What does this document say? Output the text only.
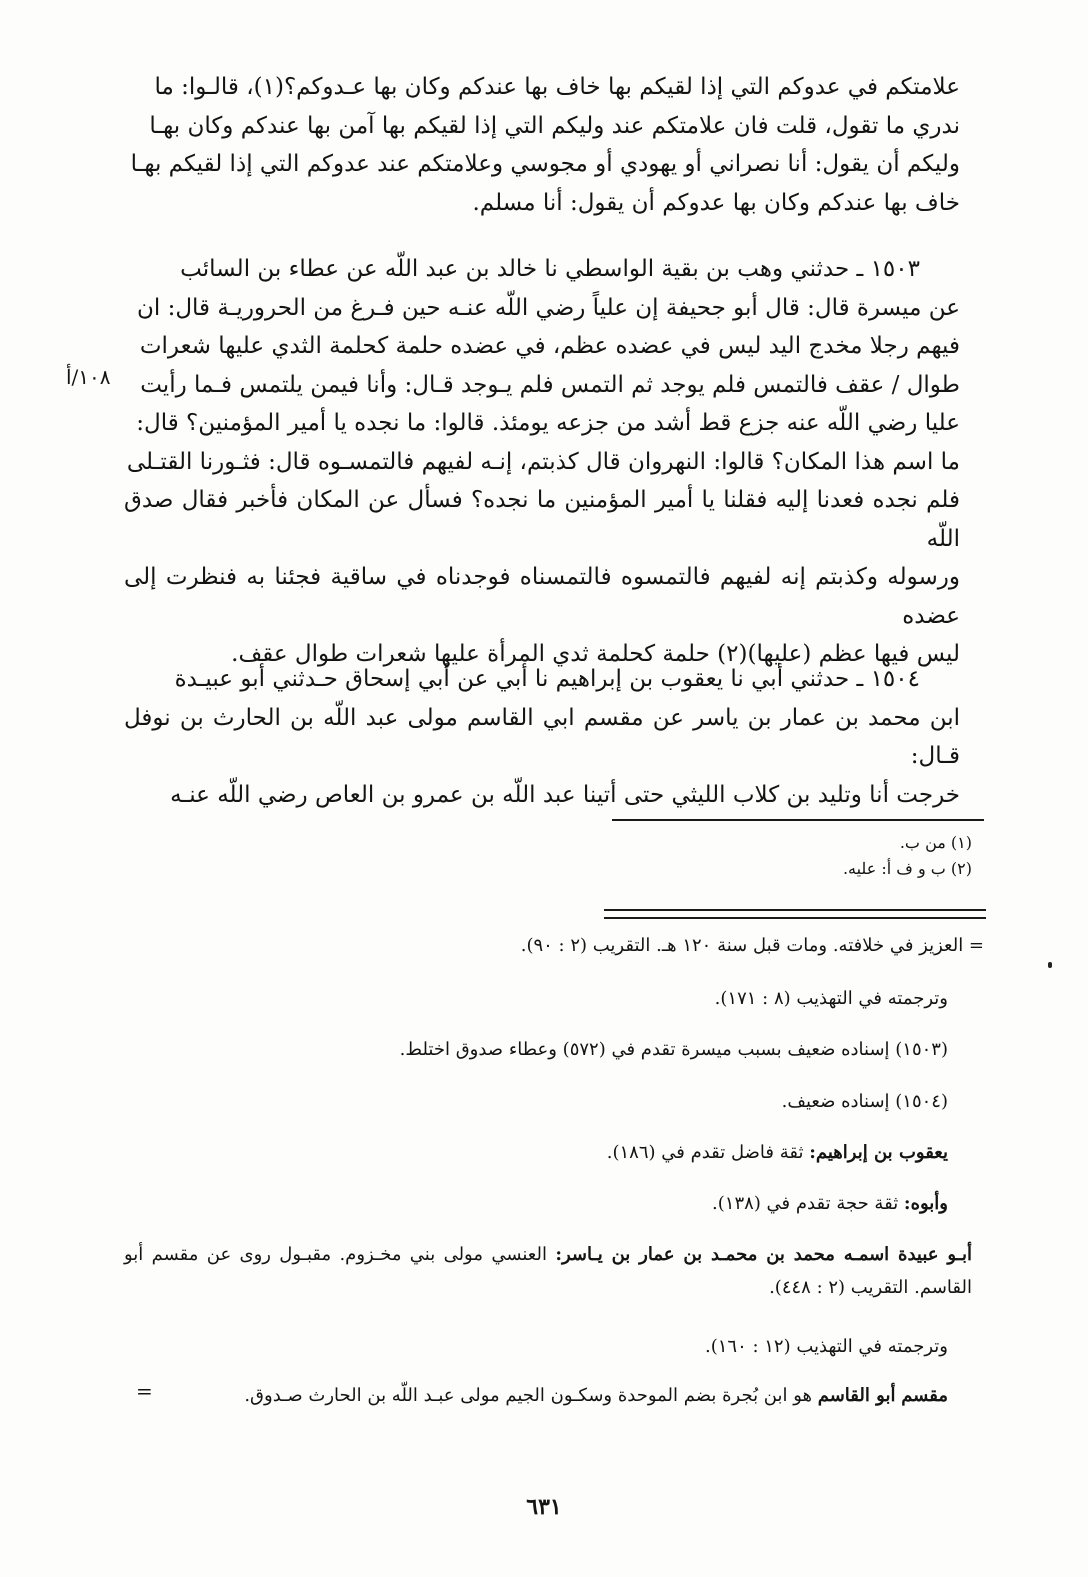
علامتكم في عدوكم التي إذا لقيكم بها خاف بها عندكم وكان بها عـدوكم؟(١)، قالـوا: ما

ندري ما تقول، قلت فان علامتكم عند وليكم التي إذا لقيكم بها آمن بها عندكم وكان بهـا

وليكم أن يقول: أنا نصراني أو يهودي أو مجوسي وعلامتكم عند عدوكم التي إذا لقيكم بهـا

خاف بها عندكم وكان بها عدوكم أن يقول: أنا مسلم.

١٥٠٣ ـ حدثني وهب بن بقية الواسطي نا خالد بن عبد اللّه عن عطاء بن السائب

عن ميسرة قال: قال أبو جحيفة إن علياً رضي اللّه عنـه حين فـرغ من الحروريـة قال: ان

فيهم رجلا مخدج اليد ليس في عضده عظم، في عضده حلمة كحلمة الثدي عليها شعرات

طوال / عقف فالتمس فلم يوجد ثم التمس فلم يـوجد قـال: وأنا فيمن يلتمس فـما رأيت

عليا رضي اللّه عنه جزع قط أشد من جزعه يومئذ. قالوا: ما نجده يا أمير المؤمنين؟ قال:

ما اسم هذا المكان؟ قالوا: النهروان قال كذبتم، إنـه لفيهم فالتمسـوه قال: فثـورنا القتـلى

فلم نجده فعدنا إليه فقلنا يا أمير المؤمنين ما نجده؟ فسأل عن المكان فأخبر فقال صدق اللّه

ورسوله وكذبتم إنه لفيهم فالتمسوه فالتمسناه فوجدناه في ساقية فجئنا به فنظرت إلى عضده

ليس فيها عظم (عليها)(٢) حلمة كحلمة ثدي المرأة عليها شعرات طوال عقف.

١٠٨/أ

١٥٠٤ ـ حدثني أبي نا يعقوب بن إبراهيم نا أبي عن أبي إسحاق حـدثني أبو عبيـدة

ابن محمد بن عمار بن ياسر عن مقسم ابي القاسم مولى عبد اللّه بن الحارث بن نوفل قـال:

خرجت أنا وتليد بن كلاب الليثي حتى أتينا عبد اللّه بن عمرو بن العاص رضي اللّه عنـه

(١) من ب.
(٢) ب و ف أ: عليه.
= العزيز في خلافته. ومات قبل سنة ١٢٠ هـ. التقريب (٢ : ٩٠).
وترجمته في التهذيب (٨ : ١٧١).
(١٥٠٣) إسناده ضعيف بسبب ميسرة تقدم في (٥٧٢) وعطاء صدوق اختلط.
(١٥٠٤) إسناده ضعيف.
يعقوب بن إبراهيم: ثقة فاضل تقدم في (١٨٦).
وأبوه: ثقة حجة تقدم في (١٣٨).
أبـو عبيدة اسمـه محمد بن محمـد بن عمار بن يـاسر: العنسي مولى بني مخـزوم. مقبـول روى عن مقسم أبو القاسم. التقريب (٢ : ٤٤٨).
وترجمته في التهذيب (١٢ : ١٦٠).
مقسم أبو القاسم هو ابن بُجرة بضم الموحدة وسكـون الجيم مولى عبـد اللّه بن الحارث صـدوق.
=
٦٣١
